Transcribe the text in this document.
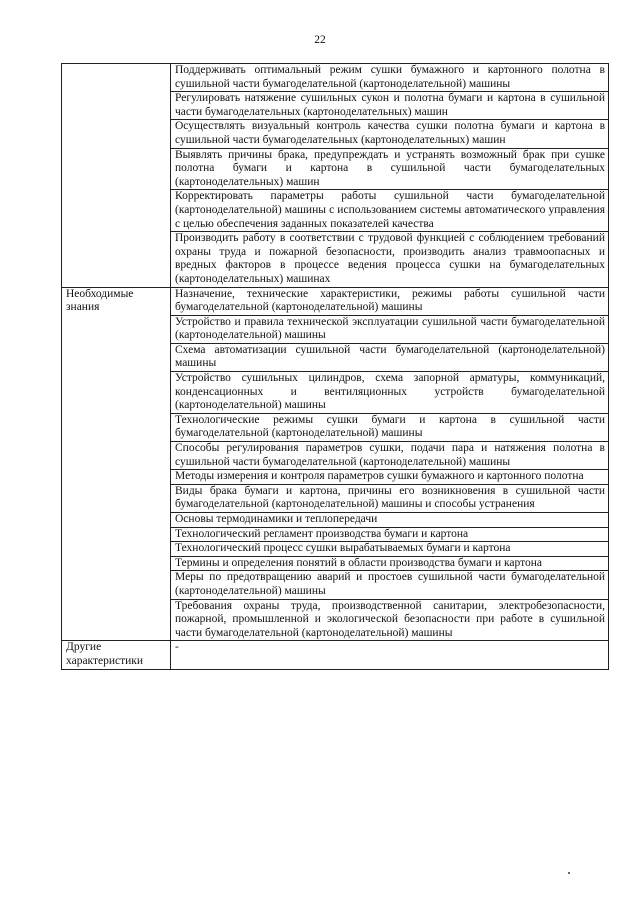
22
	Поддерживать оптимальный режим сушки бумажного и картонного полотна в сушильной части бумагоделательной (картоноделательной) машины
	Регулировать натяжение сушильных сукон и полотна бумаги и картона в сушильной части бумагоделательных (картоноделательных) машин
	Осуществлять визуальный контроль качества сушки полотна бумаги и картона в сушильной части бумагоделательных (картоноделательных) машин
	Выявлять причины брака, предупреждать и устранять возможный брак при сушке полотна бумаги и картона в сушильной части бумагоделательных (картоноделательных) машин
	Корректировать параметры работы сушильной части бумагоделательной (картоноделательной) машины с использованием системы автоматического управления с целью обеспечения заданных показателей качества
	Производить работу в соответствии с трудовой функцией с соблюдением требований охраны труда и пожарной безопасности, производить анализ травмоопасных и вредных факторов в процессе ведения процесса сушки на бумагоделательных (картоноделательных) машинах
Необходимые знания	Назначение, технические характеристики, режимы работы сушильной части бумагоделательной (картоноделательной) машины
	Устройство и правила технической эксплуатации сушильной части бумагоделательной (картоноделательной) машины
	Схема автоматизации сушильной части бумагоделательной (картоноделательной) машины
	Устройство сушильных цилиндров, схема запорной арматуры, коммуникаций, конденсационных и вентиляционных устройств бумагоделательной (картоноделательной) машины
	Технологические режимы сушки бумаги и картона в сушильной части бумагоделательной (картоноделательной) машины
	Способы регулирования параметров сушки, подачи пара и натяжения полотна в сушильной части бумагоделательной (картоноделательной) машины
	Методы измерения и контроля параметров сушки бумажного и картонного полотна
	Виды брака бумаги и картона, причины его возникновения в сушильной части бумагоделательной (картоноделательной) машины и способы устранения
	Основы термодинамики и теплопередачи
	Технологический регламент производства бумаги и картона
	Технологический процесс сушки вырабатываемых бумаги и картона
	Термины и определения понятий в области производства бумаги и картона
	Меры по предотвращению аварий и простоев сушильной части бумагоделательной (картоноделательной) машины
	Требования охраны труда, производственной санитарии, электробезопасности, пожарной, промышленной и экологической безопасности при работе в сушильной части бумагоделательной (картоноделательной) машины
Другие характеристики	-
